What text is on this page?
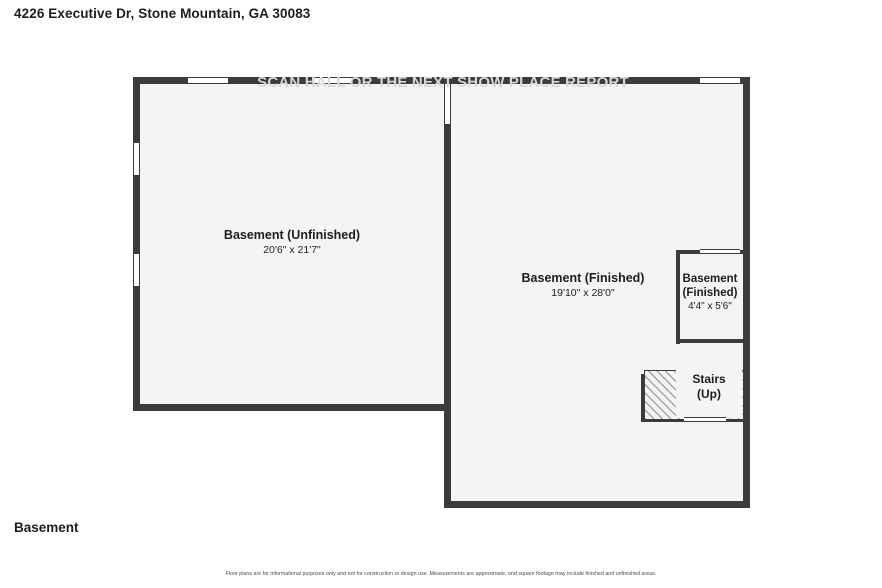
4226 Executive Dr, Stone Mountain, GA 30083
Basement (Unfinished)
20'6" x 21'7"
Basement (Finished)
19'10" x 28'0"
Basement
(Finished)
4'4" x 5'6"
Stairs
(Up)
SCAN HALL OR THE NEXT SHOW PLACE REPORT
Basement
Floor plans are for informational purposes only and not for construction or design use. Measurements are approximate, and square footage may include finished and unfinished areas.
